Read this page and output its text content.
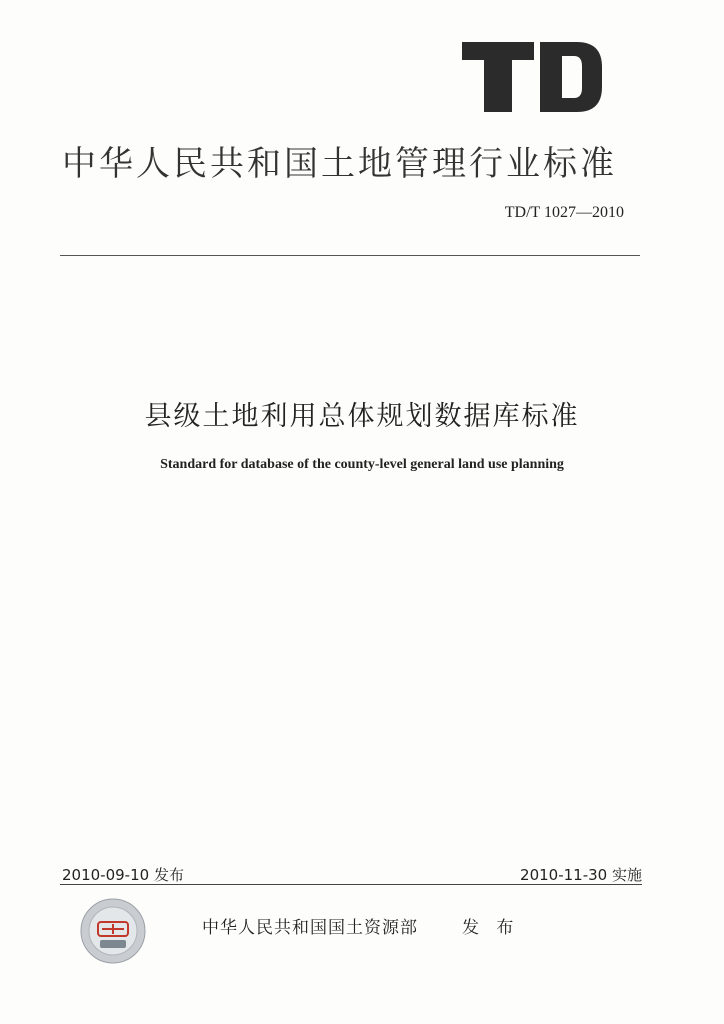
中华人民共和国土地管理行业标准
TD/T 1027—2010
县级土地利用总体规划数据库标准
Standard for database of the county-level general land use planning
2010-09-10 发布	2010-11-30 实施
中华人民共和国国土资源部	发 布
